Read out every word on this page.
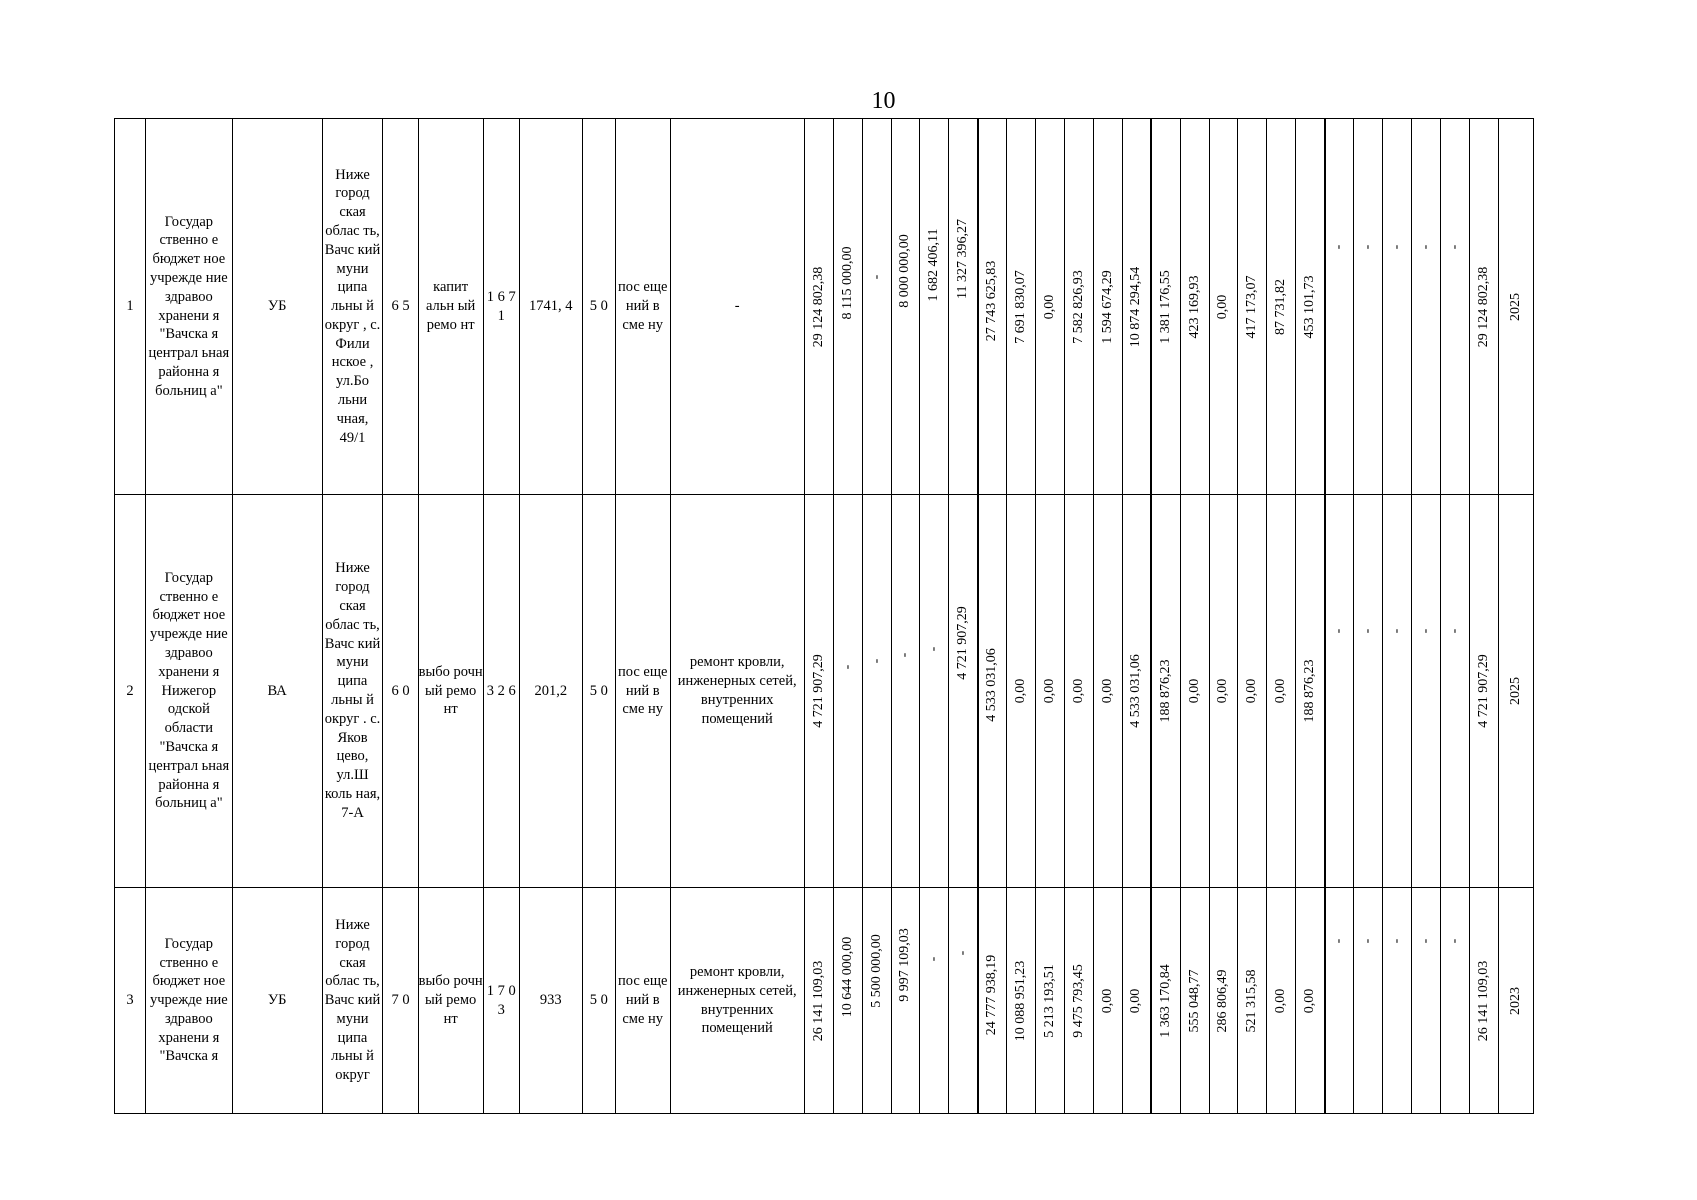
10
1	Государ ственно е бюджет ное учрежде ние здравоо хранени я "Вачска я централ ьная районна я больниц а"	УБ	Ниже город ская облас ть, Вачс кий муни ципа льны й округ , с. Фили нское , ул.Бо льни чная, 49/1	6 5	капит альн ый ремо нт	1 6 7 1	1741, 4	5 0	пос еще ний в сме ну	-	29 124 802,38	8 115 000,00	-	8 000 000,00	1 682 406,11	11 327 396,27	27 743 625,83	7 691 830,07	0,00	7 582 826,93	1 594 674,29	10 874 294,54	1 381 176,55	423 169,93	0,00	417 173,07	87 731,82	453 101,73	-	-	-	-	-	29 124 802,38	2025

2	Государ ственно е бюджет ное учрежде ние здравоо хранени я Нижегор одской области "Вачска я централ ьная районна я больниц а"	ВА	Ниже город ская облас ть, Вачс кий муни ципа льны й округ . с. Яков цево, ул.Ш коль ная, 7-А	6 0	выбо рочн ый ремо нт	3 2 6	201,2	5 0	пос еще ний в сме ну	ремонт кровли, инженерных сетей, внутренних помещений	4 721 907,29	-	-	-	-	4 721 907,29	4 533 031,06	0,00	0,00	0,00	0,00	4 533 031,06	188 876,23	0,00	0,00	0,00	0,00	188 876,23	-	-	-	-	-	4 721 907,29	2025

3	Государ ственно е бюджет ное учрежде ние здравоо хранени я "Вачска я	УБ	Ниже город ская облас ть, Вачс кий муни ципа льны й округ	7 0	выбо рочн ый ремо нт	1 7 0 3	933	5 0	пос еще ний в сме ну	ремонт кровли, инженерных сетей, внутренних помещений	26 141 109,03	10 644 000,00	5 500 000,00	9 997 109,03	-	-	24 777 938,19	10 088 951,23	5 213 193,51	9 475 793,45	0,00	0,00	1 363 170,84	555 048,77	286 806,49	521 315,58	0,00	0,00	-	-	-	-	-	26 141 109,03	2023
